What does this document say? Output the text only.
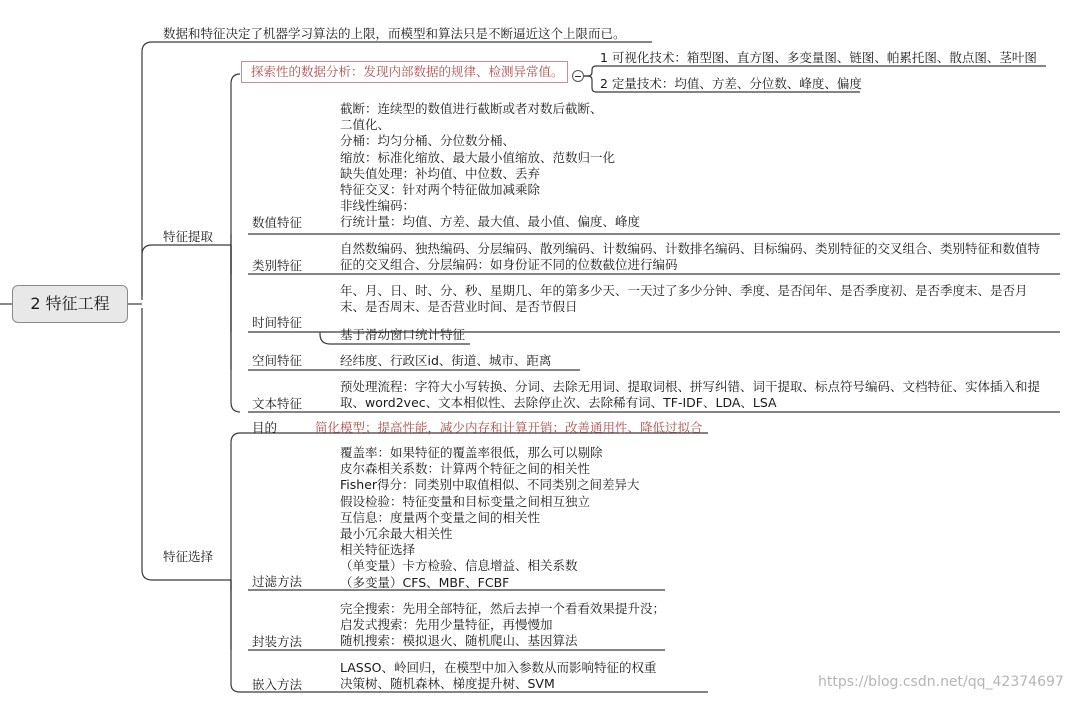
2 特征工程
数据和特征决定了机器学习算法的上限，而模型和算法只是不断逼近这个上限而已。
特征提取
探索性的数据分析：发现内部数据的规律、检测异常值。
1 可视化技术：箱型图、直方图、多变量图、链图、帕累托图、散点图、茎叶图
2 定量技术：均值、方差、分位数、峰度、偏度
数值特征
截断：连续型的数值进行截断或者对数后截断、
二值化、
分桶：均匀分桶、分位数分桶、
缩放：标准化缩放、最大最小值缩放、范数归一化
缺失值处理：补均值、中位数、丢弃
特征交叉：针对两个特征做加减乘除
非线性编码：
行统计量：均值、方差、最大值、最小值、偏度、峰度
类别特征
自然数编码、独热编码、分层编码、散列编码、计数编码、计数排名编码、目标编码、类别特征的交叉组合、类别特征和数值特
征的交叉组合、分层编码：如身份证不同的位数截位进行编码
时间特征
年、月、日、时、分、秒、星期几、年的第多少天、一天过了多少分钟、季度、是否闰年、是否季度初、是否季度末、是否月
末、是否周末、是否营业时间、是否节假日
基于滑动窗口统计特征
空间特征	经纬度、行政区id、街道、城市、距离
文本特征
预处理流程：字符大小写转换、分词、去除无用词、提取词根、拼写纠错、词干提取、标点符号编码、文档特征、实体插入和提
取、word2vec、文本相似性、去除停止次、去除稀有词、TF-IDF、LDA、LSA
特征选择
目的	简化模型；提高性能，减少内存和计算开销；改善通用性、降低过拟合
过滤方法
覆盖率：如果特征的覆盖率很低，那么可以剔除
皮尔森相关系数：计算两个特征之间的相关性
Fisher得分：同类别中取值相似、不同类别之间差异大
假设检验：特征变量和目标变量之间相互独立
互信息：度量两个变量之间的相关性
最小冗余最大相关性
相关特征选择
（单变量）卡方检验、信息增益、相关系数
（多变量）CFS、MBF、FCBF
封装方法
完全搜索：先用全部特征，然后去掉一个看看效果提升没；
启发式搜索：先用少量特征，再慢慢加
随机搜索：模拟退火、随机爬山、基因算法
嵌入方法
LASSO、岭回归，在模型中加入参数从而影响特征的权重
决策树、随机森林、梯度提升树、SVM	https://blog.csdn.net/qq_42374697
